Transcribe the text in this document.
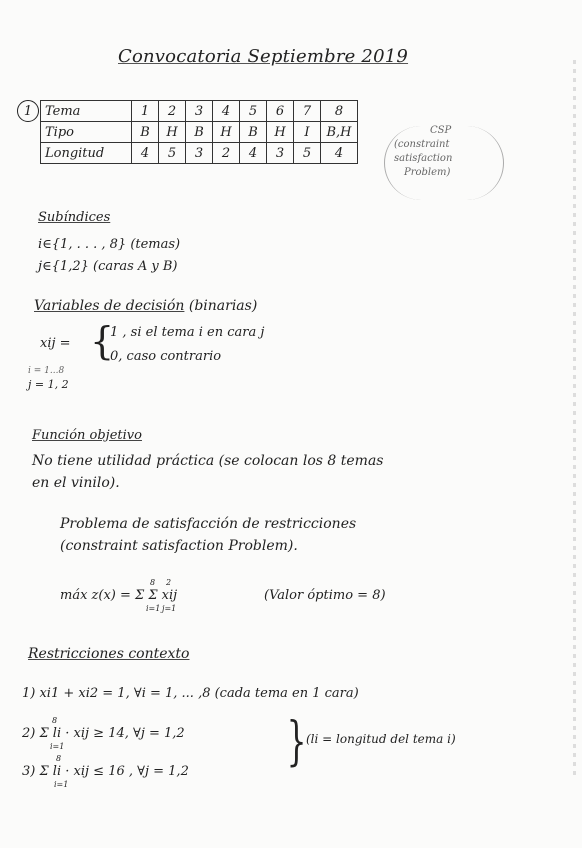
Convocatoria Septiembre 2019
1 Tema	1	2	3	4	5	6	7	8
Tipo	B	H	B	H	B	H	I	B,H
Longitud	4	5	3	2	4	3	5	4
CSP
(constraint
satisfaction
Problem)
Subíndices
i∈{1, . . . , 8} (temas)
j∈{1,2} (caras A y B)
Variables de decisión (binarias)
xij = {
1 , si el tema i en cara j
0, caso contrario
i = 1...8
j = 1, 2
Función objetivo
No tiene utilidad práctica (se colocan los 8 temas
en el vinilo).
Problema de satisfacción de restricciones
(constraint satisfaction Problem).
máx z(x) = Σ Σ xij
8
i=1
2
j=1
(Valor óptimo = 8)
Restricciones contexto
1) xi1 + xi2 = 1, ∀i = 1, ... ,8 (cada tema en 1 cara)
2) Σ li · xij ≥ 14, ∀j = 1,2
8
i=1
3) Σ li · xij ≤ 16 , ∀j = 1,2
8
i=1
} (li = longitud del tema i)
